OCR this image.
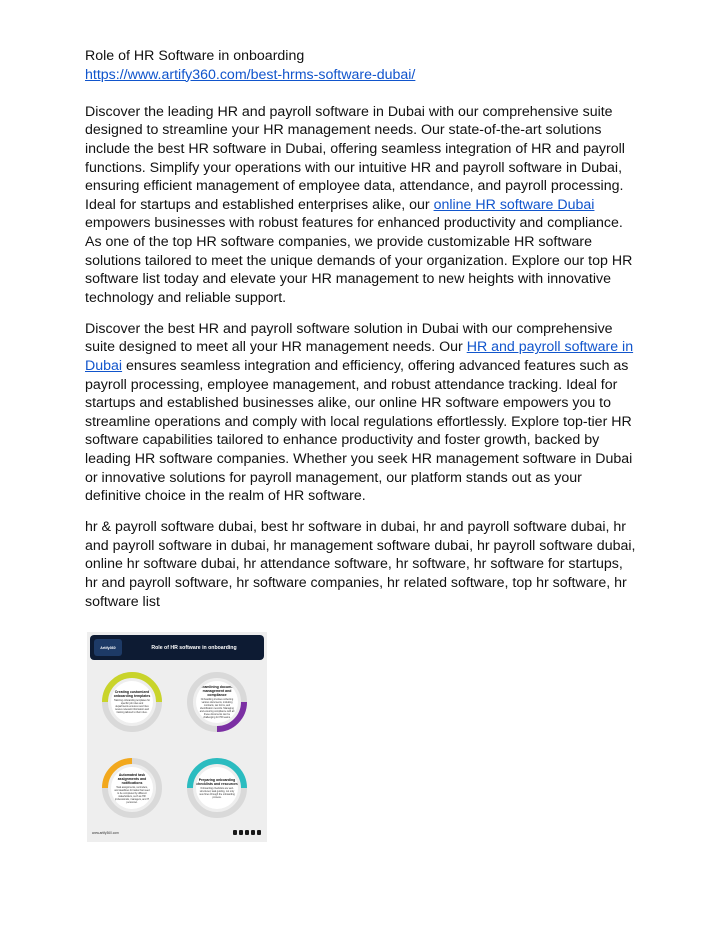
Role of HR Software in onboarding

https://www.artify360.com/best-hrms-software-dubai/

Discover the leading HR and payroll software in Dubai with our comprehensive suite designed to streamline your HR management needs. Our state-of-the-art solutions include the best HR software in Dubai, offering seamless integration of HR and payroll functions. Simplify your operations with our intuitive HR and payroll software in Dubai, ensuring efficient management of employee data, attendance, and payroll processing. Ideal for startups and established enterprises alike, our online HR software Dubai empowers businesses with robust features for enhanced productivity and compliance. As one of the top HR software companies, we provide customizable HR software solutions tailored to meet the unique demands of your organization. Explore our top HR software list today and elevate your HR management to new heights with innovative technology and reliable support.

Discover the best HR and payroll software solution in Dubai with our comprehensive suite designed to meet all your HR management needs. Our HR and payroll software in Dubai ensures seamless integration and efficiency, offering advanced features such as payroll processing, employee management, and robust attendance tracking. Ideal for startups and established businesses alike, our online HR software empowers you to streamline operations and comply with local regulations effortlessly. Explore top-tier HR software capabilities tailored to enhance productivity and foster growth, backed by leading HR software companies. Whether you seek HR management software in Dubai or innovative solutions for payroll management, our platform stands out as your definitive choice in the realm of HR software.

hr & payroll software dubai, best hr software in dubai, hr and payroll software dubai, hr and payroll software in dubai, hr management software dubai, hr payroll software dubai, online hr software dubai, hr attendance software, hr software, hr software for startups, hr and payroll software, hr software companies, hr related software, top hr software, hr software list

Artify360	Role of HR software in onboarding
Creating customized onboarding templates
Tailoring onboarding templates for specific job roles and departments ensures new hires receive relevant information and training tailored to their roles.
Streamlining document management and compliance
Onboarding involves collecting various documents, including contracts, tax forms, and identification records. Managing and ensuring compliance with all these documents can be challenging for HR teams.
Automated task assignments and notifications
Task assignments, reminders, and deadlines for tasks that need to be completed by different stakeholders, such as HR professionals, managers, and IT personnel.
Preparing onboarding checklists and resources
Onboarding checklists are well-structured, task guiding, not only new hires through the onboarding process.
www.artify360.com
